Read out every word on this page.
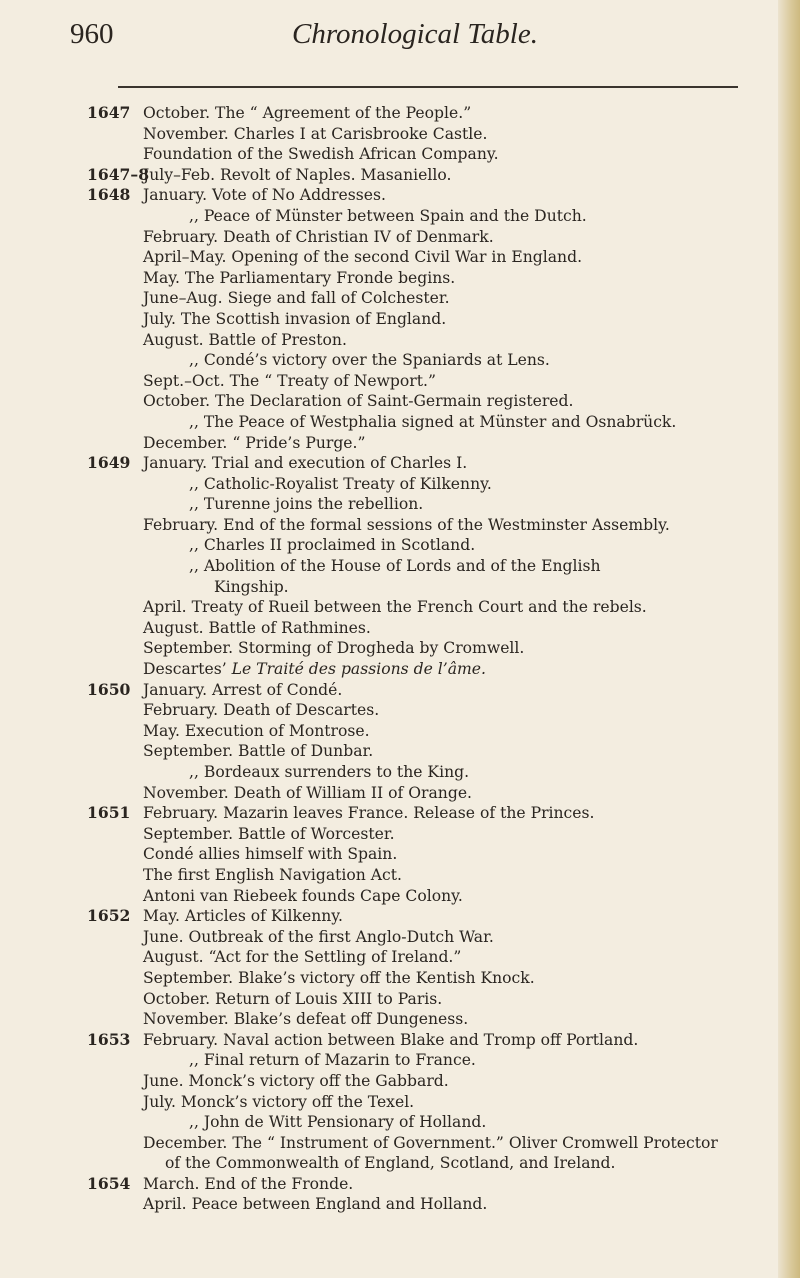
960	Chronological Table.
1647 October. The “ Agreement of the People.”
November. Charles I at Carisbrooke Castle.
Foundation of the Swedish African Company.
1647–8
July–Feb. Revolt of Naples. Masaniello.
1648 January. Vote of No Addresses.
,, Peace of Münster between Spain and the Dutch.
February. Death of Christian IV of Denmark.
April–May. Opening of the second Civil War in England.
May. The Parliamentary Fronde begins.
June–Aug. Siege and fall of Colchester.
July. The Scottish invasion of England.
August. Battle of Preston.
,, Condé’s victory over the Spaniards at Lens.
Sept.–Oct. The “ Treaty of Newport.”
October. The Declaration of Saint-Germain registered.
,, The Peace of Westphalia signed at Münster and Osnabrück.
December. “ Pride’s Purge.”
1649 January. Trial and execution of Charles I.
,, Catholic-Royalist Treaty of Kilkenny.
,, Turenne joins the rebellion.
February. End of the formal sessions of the Westminster Assembly.
,, Charles II proclaimed in Scotland.
,, Abolition of the House of Lords and of the English
Kingship.
April. Treaty of Rueil between the French Court and the rebels.
August. Battle of Rathmines.
September. Storming of Drogheda by Cromwell.
Descartes’ Le Traité des passions de l’âme.
1650 January. Arrest of Condé.
February. Death of Descartes.
May. Execution of Montrose.
September. Battle of Dunbar.
,, Bordeaux surrenders to the King.
November. Death of William II of Orange.
1651 February. Mazarin leaves France. Release of the Princes.
September. Battle of Worcester.
Condé allies himself with Spain.
The first English Navigation Act.
Antoni van Riebeek founds Cape Colony.
1652 May. Articles of Kilkenny.
June. Outbreak of the first Anglo-Dutch War.
August. “Act for the Settling of Ireland.”
September. Blake’s victory off the Kentish Knock.
October. Return of Louis XIII to Paris.
November. Blake’s defeat off Dungeness.
1653 February. Naval action between Blake and Tromp off Portland.
,, Final return of Mazarin to France.
June. Monck’s victory off the Gabbard.
July. Monck’s victory off the Texel.
,, John de Witt Pensionary of Holland.
December. The “ Instrument of Government.” Oliver Cromwell Protector
of the Commonwealth of England, Scotland, and Ireland.
1654 March. End of the Fronde.
April. Peace between England and Holland.
